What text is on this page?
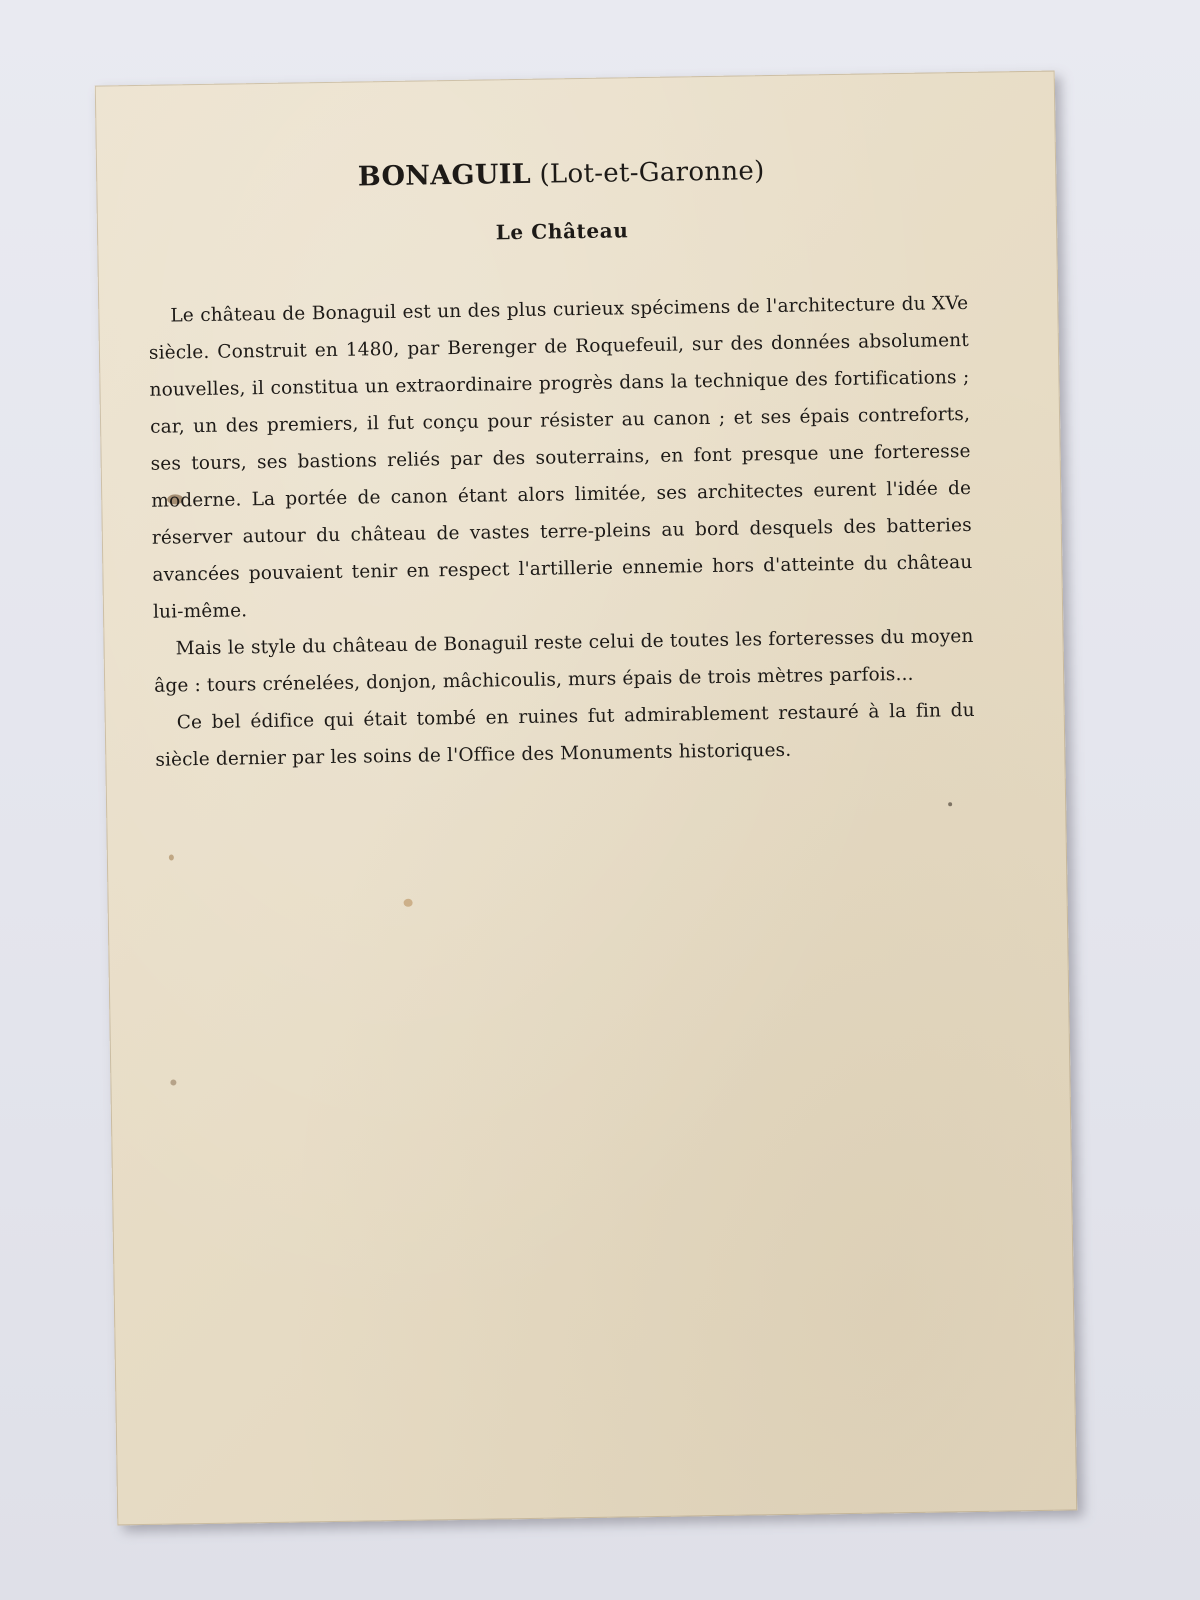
BONAGUIL (Lot-et-Garonne)
Le Château

Le château de Bonaguil est un des plus curieux spécimens de l'architecture du XVe siècle. Construit en 1480, par Berenger de Roquefeuil, sur des données absolument nouvelles, il constitua un extraordinaire progrès dans la technique des fortifications ; car, un des premiers, il fut conçu pour résister au canon ; et ses épais contreforts, ses tours, ses bastions reliés par des souterrains, en font presque une forteresse moderne. La portée de canon étant alors limitée, ses architectes eurent l'idée de réserver autour du château de vastes terre-pleins au bord desquels des batteries avancées pouvaient tenir en respect l'artillerie ennemie hors d'atteinte du château lui-même.

Mais le style du château de Bonaguil reste celui de toutes les forteresses du moyen âge : tours crénelées, donjon, mâchicoulis, murs épais de trois mètres parfois...

Ce bel édifice qui était tombé en ruines fut admirablement restauré à la fin du siècle dernier par les soins de l'Office des Monuments historiques.
